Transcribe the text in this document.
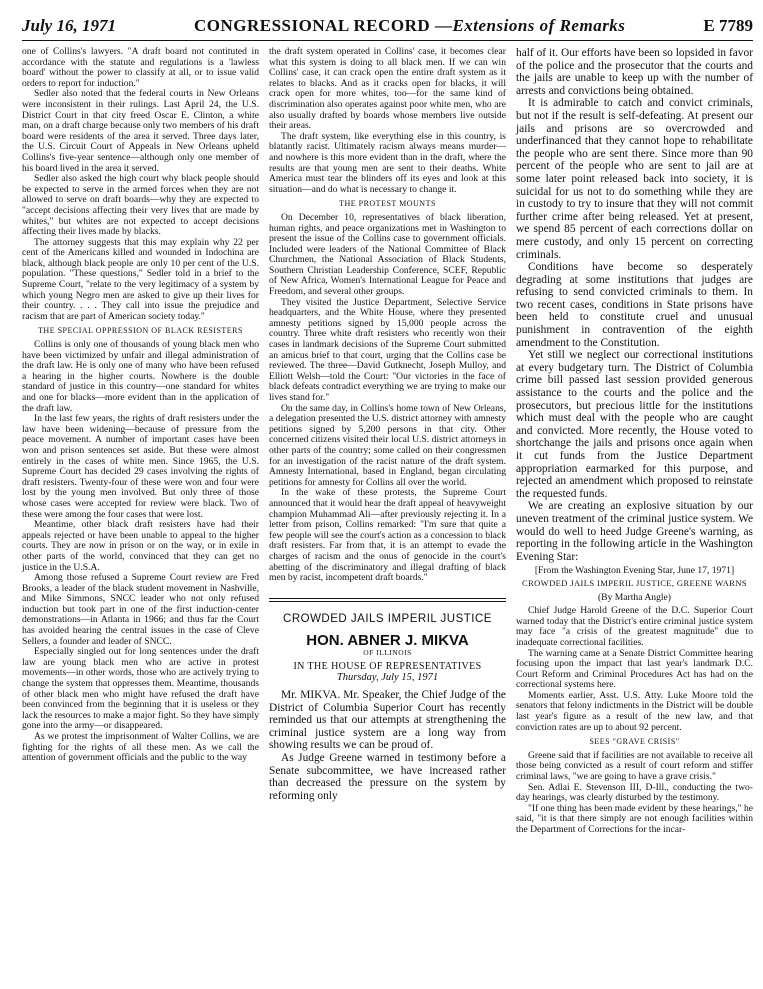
July 16, 1971	CONGRESSIONAL RECORD —Extensions of Remarks	E 7789

one of Collins's lawyers. "A draft board not contituted in accordance with the statute and regulations is a 'lawless board' without the power to classify at all, or to issue valid orders to report for induction."

Sedler also noted that the federal courts in New Orleans were inconsistent in their rulings. Last April 24, the U.S. District Court in that city freed Oscar E. Clinton, a white man, on a draft charge because only two members of his draft board were residents of the area it served. Three days later, the U.S. Circuit Court of Appeals in New Orleans upheld Collins's five-year sentence—although only one member of his board lived in the area it served.

Sedler also asked the high court why black people should be expected to serve in the armed forces when they are not allowed to serve on draft boards—why they are expected to "accept decisions affecting their very lives that are made by whites," but whites are not expected to accept decisions affecting their lives made by blacks.

The attorney suggests that this may explain why 22 per cent of the Americans killed and wounded in Indochina are black, although black people are only 10 per cent of the U.S. population. "These questions," Sedler told in a brief to the Supreme Court, "relate to the very legitimacy of a system by which young Negro men are asked to give up their lives for their country. . . . They call into issue the prejudice and racism that are part of American society today."

THE SPECIAL OPPRESSION OF BLACK RESISTERS

Collins is only one of thousands of young black men who have been victimized by unfair and illegal administration of the draft law. He is only one of many who have been refused a hearing in the higher courts. Nowhere is the double standard of justice in this country—one standard for whites and one for blacks—more evident than in the application of the draft law.

In the last few years, the rights of draft resisters under the law have been widening—because of pressure from the peace movement. A number of important cases have been won and prison sentences set aside. But these were almost entirely in the cases of white men. Since 1965, the U.S. Supreme Court has decided 29 cases involving the rights of draft resisters. Twenty-four of these were won and four were lost by the young men involved. But only three of those whose cases were accepted for review were black. Two of these were among the four cases that were lost.

Meantime, other black draft resisters have had their appeals rejected or have been unable to appeal to the higher courts. They are now in prison or on the way, or in exile in other parts of the world, convinced that they can get no justice in the U.S.A.

Among those refused a Supreme Court review are Fred Brooks, a leader of the black student movement in Nashville, and Mike Simmons, SNCC leader who not only refused induction but took part in one of the first induction-center demonstrations—in Atlanta in 1966; and thus far the Court has avoided hearing the central issues in the case of Cleve Sellers, a founder and leader of SNCC.

Especially singled out for long sentences under the draft law are young black men who are active in protest movements—in other words, those who are actively trying to change the system that oppresses them. Meantime, thousands of other black men who might have refused the draft have been convinced from the beginning that it is useless or they lack the resources to make a major fight. So they have simply gone into the army—or disappeared.

As we protest the imprisonment of Walter Collins, we are fighting for the rights of all these men. As we call the attention of government officials and the public to the way

the draft system operated in Collins' case, it becomes clear what this system is doing to all black men. If we can win Collins' case, it can crack open the entire draft system as it relates to blacks. And as it cracks open for blacks, it will crack open for more whites, too—for the same kind of discrimination also operates against poor white men, who are also usually drafted by boards whose members live outside their areas.

The draft system, like everything else in this country, is blatantly racist. Ultimately racism always means murder—and nowhere is this more evident than in the draft, where the results are that young men are sent to their deaths. White America must tear the blinders off its eyes and look at this situation—and do what is necessary to change it.

THE PROTEST MOUNTS

On December 10, representatives of black liberation, human rights, and peace organizations met in Washington to present the issue of the Collins case to government officials. Included were leaders of the National Committee of Black Churchmen, the National Association of Black Students, Southern Christian Leadership Conference, SCEF, Republic of New Africa, Women's International League for Peace and Freedom, and several other groups.

They visited the Justice Department, Selective Service headquarters, and the White House, where they presented amnesty petitions signed by 15,000 people across the country. Three white draft resisters who recently won their cases in landmark decisions of the Supreme Court submitted an amicus brief to that court, urging that the Collins case be reviewed. The three—David Gutknecht, Joseph Mulloy, and Elliott Welsh—told the Court: "Our victories in the face of black defeats contradict everything we are trying to make our lives stand for."

On the same day, in Collins's home town of New Orleans, a delegation presented the U.S. district attorney with amnesty petitions signed by 5,200 persons in that city. Other concerned citizens visited their local U.S. district attorneys in other parts of the country; some called on their congressmen for an investigation of the racist nature of the draft system. Amnesty International, based in England, began circulating petitions for amnesty for Collins all over the world.

In the wake of these protests, the Supreme Court announced that it would hear the draft appeal of heavyweight champion Muhammad Ali—after previously rejecting it. In a letter from prison, Collins remarked: "I'm sure that quite a few people will see the court's action as a concession to black draft resisters. Far from that, it is an attempt to evade the charges of racism and the onus of genocide in the court's abetting of the discriminatory and illegal drafting of black men by racist, incompetent draft boards."

CROWDED JAILS IMPERIL JUSTICE
HON. ABNER J. MIKVA
OF ILLINOIS
IN THE HOUSE OF REPRESENTATIVES
Thursday, July 15, 1971

Mr. MIKVA. Mr. Speaker, the Chief Judge of the District of Columbia Superior Court has recently reminded us that our attempts at strengthening the criminal justice system are a long way from showing results we can be proud of.

As Judge Greene warned in testimony before a Senate subcommittee, we have increased rather than decreased the pressure on the system by reforming only

half of it. Our efforts have been so lopsided in favor of the police and the prosecutor that the courts and the jails are unable to keep up with the number of arrests and convictions being obtained.

It is admirable to catch and convict criminals, but not if the result is self-defeating. At present our jails and prisons are so overcrowded and underfinanced that they cannot hope to rehabilitate the people who are sent there. Since more than 90 percent of the people who are sent to jail are at some later point released back into society, it is suicidal for us not to do something while they are in custody to try to insure that they will not commit further crime after being released. Yet at present, we spend 85 percent of each corrections dollar on mere custody, and only 15 percent on correcting criminals.

Conditions have become so desperately degrading at some institutions that judges are refusing to send convicted criminals to them. In two recent cases, conditions in State prisons have been held to constitute cruel and unusual punishment in contravention of the eighth amendment to the Constitution.

Yet still we neglect our correctional institutions at every budgetary turn. The District of Columbia crime bill passed last session provided generous assistance to the courts and the police and the prosecutors, but precious little for the institutions which must deal with the people who are caught and convicted. More recently, the House voted to shortchange the jails and prisons once again when it cut funds from the Justice Department appropriation earmarked for this purpose, and rejected an amendment which proposed to reinstate the requested funds.

We are creating an explosive situation by our uneven treatment of the criminal justice system. We would do well to heed Judge Greene's warning, as reporting in the following article in the Washington Evening Star:

[From the Washington Evening Star, June 17, 1971]
CROWDED JAILS IMPERIL JUSTICE, GREENE WARNS
(By Martha Angle)

Chief Judge Harold Greene of the D.C. Superior Court warned today that the District's entire criminal justice system may face "a crisis of the greatest magnitude" due to inadequate correctional facilities.

The warning came at a Senate District Committee hearing focusing upon the impact that last year's landmark D.C. Court Reform and Criminal Procedures Act has had on the correctional systems here.

Moments earlier, Asst. U.S. Atty. Luke Moore told the senators that felony indictments in the District will be double last year's figure as a result of the new law, and that conviction rates are up to about 92 percent.

SEES "GRAVE CRISIS"

Greene said that if facilities are not available to receive all those being convicted as a result of court reform and stiffer criminal laws, "we are going to have a grave crisis."

Sen. Adlai E. Stevenson III, D-Ill., conducting the two-day hearings, was clearly disturbed by the testimony.

"If one thing has been made evident by these hearings," he said, "it is that there simply are not enough facilities within the Department of Corrections for the incar-
